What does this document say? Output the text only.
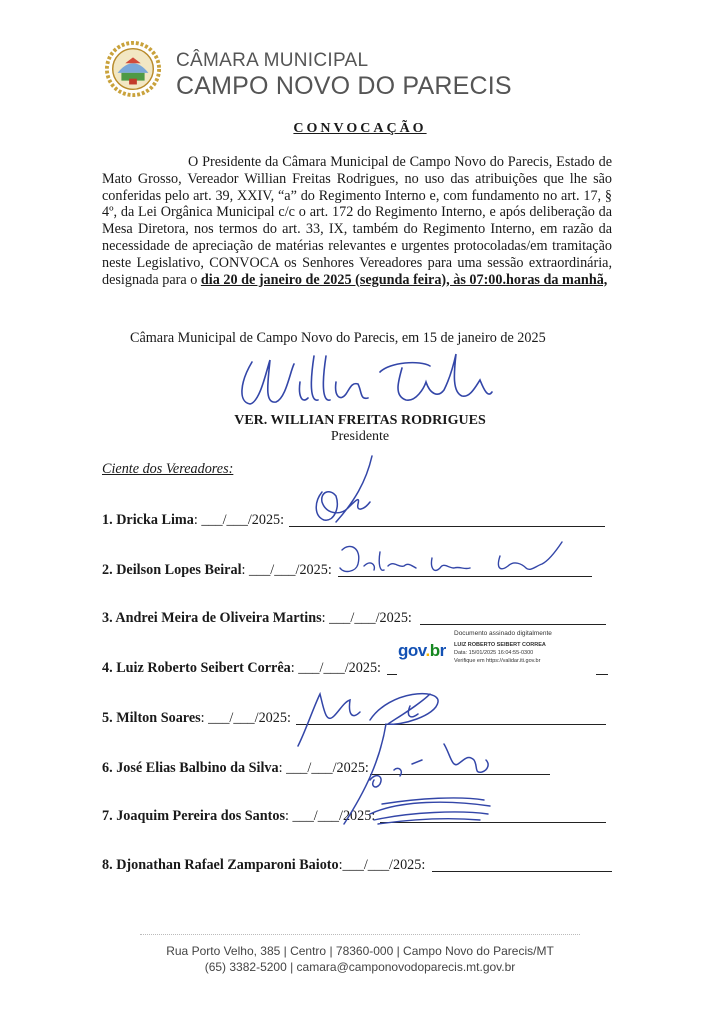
CÂMARA MUNICIPAL
CAMPO NOVO DO PARECIS
CONVOCAÇÃO
O Presidente da Câmara Municipal de Campo Novo do Parecis, Estado de Mato Grosso, Vereador Willian Freitas Rodrigues, no uso das atribuições que lhe são conferidas pelo art. 39, XXIV, “a” do Regimento Interno e, com fundamento no art. 17, § 4º, da Lei Orgânica Municipal c/c o art. 172 do Regimento Interno, e após deliberação da Mesa Diretora, nos termos do art. 33, IX, também do Regimento Interno, em razão da necessidade de apreciação de matérias relevantes e urgentes protocoladas/em tramitação neste Legislativo, CONVOCA os Senhores Vereadores para uma sessão extraordinária, designada para o dia 20 de janeiro de 2025 (segunda feira), às 07:00.horas da manhã,
Câmara Municipal de Campo Novo do Parecis, em 15 de janeiro de 2025
VER. WILLIAN FREITAS RODRIGUES
Presidente
Ciente dos Vereadores:
1. Dricka Lima: ___/___/2025:
2. Deilson Lopes Beiral: ___/___/2025:
3. Andrei Meira de Oliveira Martins: ___/___/2025:
4. Luiz Roberto Seibert Corrêa: ___/___/2025:
5. Milton Soares: ___/___/2025:
6. José Elias Balbino da Silva: ___/___/2025:
7. Joaquim Pereira dos Santos: ___/___/2025:
8. Djonathan Rafael Zamparoni Baioto:___/___/2025:
Documento assinado digitalmente
gov.br LUIZ ROBERTO SEIBERT CORREA
Data: 15/01/2025 16:04:55-0300
Verifique em https://validar.iti.gov.br
Rua Porto Velho, 385 | Centro | 78360-000 | Campo Novo do Parecis/MT
(65) 3382-5200 | camara@camponovodoparecis.mt.gov.br
